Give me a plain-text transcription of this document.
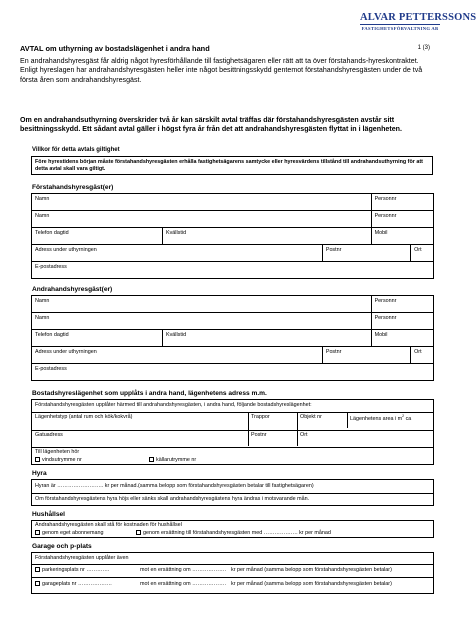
ALVAR PETTERSSONS
FASTIGHETSFÖRVALTNING AB
AVTAL om uthyrning av bostadslägenhet i andra hand	1 (3)
En andrahandshyresgäst får aldrig något hyresförhållande till fastighetsägaren eller rätt att ta över förstahands-hyreskontraktet. Enligt hyreslagen har andrahandshyresgästen heller inte något besittningsskydd gentemot förstahandshyresgästen under de två första åren som andrahandshyresgäst.
Om en andrahandsuthyrning överskrider två år kan särskilt avtal träffas där förstahandshyresgästen avstår sitt besittningsskydd. Ett sådant avtal gäller i högst fyra år från det att andrahandshyresgästen flyttat in i lägenheten.
Villkor för detta avtals giltighet
Före hyrestidens början måste förstahandshyresgästen erhålla fastighetsägarens samtycke eller hyresvärdens tillstånd till andrahandsuthyrning för att detta avtal skall vara giltigt.
Förstahandshyresgäst(er)
Namn			Personnr	
Namn			Personnr	
Telefon dagtid	Kvällstid		Mobil	
Adress under uthyrningen		Postnr		Ort
E-postadress				
Andrahandshyresgäst(er)
Namn			Personnr	
Namn			Personnr	
Telefon dagtid	Kvällstid		Mobil	
Adress under uthyrningen		Postnr		Ort
E-postadress				
Bostadshyreslägenhet som upplåts i andra hand, lägenhetens adress m.m.
Förstahandshyresgästen upplåter härmed till andrahandshyresgästen, i andra hand, följande bostadshyreslägenhet:
Lägenhetstyp (antal rum och kök/kokvrå)	Trappor	Objekt nr	Lägenhetens area i $m^2$ ca
Gatuadress	Postnr	Ort
Till lägenheten hör
vindsutrymme nr	källarutrymme nr
Hyra
Hyran är …………………….. kr per månad.(samma belopp som förstahandshyresgästen betalar till fastighetsägaren)
Om förstahandshyresgästens hyra höjs eller sänks skall andrahandshyresgästens hyra ändras i motsvarande mån.
Hushållsel
Andrahandshyresgästen skall stå för kostnaden för hushållsel
genom eget abonnemang	genom ersättning till förstahandshyresgästen med ………………. kr per månad
Garage och p-plats
Förstahandshyresgästen upplåter även
parkeringsplats nr ………….	mot en ersättning om ………………. kr per månad (samma belopp som förstahandshyresgästen betalar)
garageplats nr ……………….	mot en ersättning om ………………. kr per månad (samma belopp som förstahandshyresgästen betalar)
